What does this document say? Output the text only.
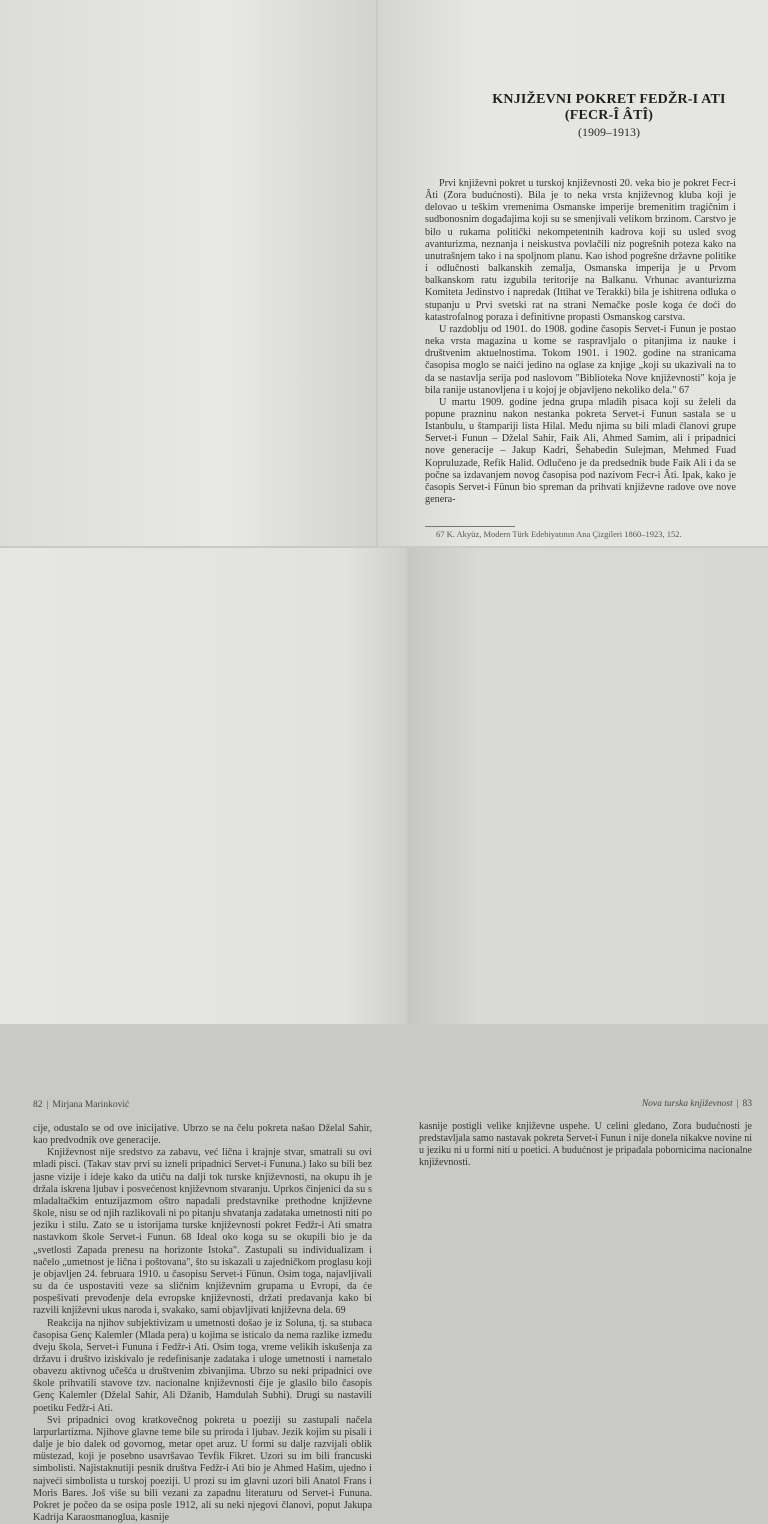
KNJIŽEVNI POKRET FEDŽR-I ATI
(FECR-Î ÂTÎ)
(1909–1913)

Prvi književni pokret u turskoj književnosti 20. veka bio je pokret Fecr-i Âti (Zora budućnosti). Bila je to neka vrsta književnog kluba koji je delovao u teškim vremenima Osmanske imperije bremenitim tragičnim i sudbonosnim događajima koji su se smenjivali velikom brzinom. Carstvo je bilo u rukama politički nekompetentnih kadrova koji su usled svog avanturizma, neznanja i neiskustva povlačili niz pogrešnih poteza kako na unutrašnjem tako i na spoljnom planu. Kao ishod pogrešne državne politike i odlučnosti balkanskih zemalja, Osmanska imperija je u Prvom balkanskom ratu izgubila teritorije na Balkanu. Vrhunac avanturizma Komiteta Jedinstvo i napredak (Ittihat ve Terakki) bila je ishitrena odluka o stupanju u Prvi svetski rat na strani Nemačke posle koga će doći do katastrofalnog poraza i definitivne propasti Osmanskog carstva.

U razdoblju od 1901. do 1908. godine časopis Servet-i Funun je postao neka vrsta magazina u kome se raspravljalo o pitanjima iz nauke i društvenim aktuelnostima. Tokom 1901. i 1902. godine na stranicama časopisa moglo se naići jedino na oglase za knjige „koji su ukazivali na to da se nastavlja serija pod naslovom "Biblioteka Nove književnosti" koja je bila ranije ustanovljena i u kojoj je objavljeno nekoliko dela." 67

U martu 1909. godine jedna grupa mladih pisaca koji su želeli da popune prazninu nakon nestanka pokreta Servet-i Funun sastala se u Istanbulu, u štampariji lista Hilal. Među njima su bili mladi članovi grupe Servet-i Funun – Dželal Sahir, Faik Ali, Ahmed Samim, ali i pripadnici nove generacije – Jakup Kadri, Šehabedin Sulejman, Mehmed Fuad Kopruluzade, Refik Halid. Odlučeno je da predsednik bude Faik Ali i da se počne sa izdavanjem novog časopisa pod nazivom Fecr-i Âti. Ipak, kako je časopis Servet-i Fünun bio spreman da prihvati književne radove ove nove genera-

67 K. Akyüz, Modern Türk Edebiyatının Ana Çizgileri 1860–1923, 152.
82 | Mirjana Marinković

cije, odustalo se od ove inicijative. Ubrzo se na čelu pokreta našao Dželal Sahir, kao predvodnik ove generacije.

Književnost nije sredstvo za zabavu, već lična i krajnje stvar, smatrali su ovi mladi pisci. (Takav stav prvi su izneli pripadnici Servet-i Fununa.) Iako su bili bez jasne vizije i ideje kako da utiču na dalji tok turske književnosti, na okupu ih je držala iskrena ljubav i posvećenost književnom stvaranju. Uprkos činjenici da su s mladaltačkim entuzijazmom oštro napadali predstavnike prethodne književne škole, nisu se od njih razlikovali ni po pitanju shvatanja zadataka umetnosti niti po jeziku i stilu. Zato se u istorijama turske književnosti pokret Fedžr-i Ati smatra nastavkom škole Servet-i Funun. 68 Ideal oko koga su se okupili bio je da „svetlosti Zapada prenesu na horizonte Istoka". Zastupali su individualizam i načelo „umetnost je lična i poštovana", što su iskazali u zajedničkom proglasu koji je objavljen 24. februara 1910. u časopisu Servet-i Fünun. Osim toga, najavljivali su da će uspostaviti veze sa sličnim književnim grupama u Evropi, da će pospešivati prevođenje dela evropske književnosti, držati predavanja kako bi razvili književni ukus naroda i, svakako, sami objavljivati književna dela. 69

Reakcija na njihov subjektivizam u umetnosti došao je iz Soluna, tj. sa stubaca časopisa Genç Kalemler (Mlada pera) u kojima se isticalo da nema razlike između dveju škola, Servet-i Fununa i Fedžr-i Ati. Osim toga, vreme velikih iskušenja za državu i društvo iziskivalo je redefinisanje zadataka i uloge umetnosti i nametalo obavezu aktivnog učešća u društvenim zbivanjima. Ubrzo su neki pripadnici ove škole prihvatili stavove tzv. nacionalne književnosti čije je glasilo bilo časopis Genç Kalemler (Dželal Sahir, Ali Džanib, Hamdulah Subhi). Drugi su nastavili poetiku Fedžr-i Ati.

Svi pripadnici ovog kratkovečnog pokreta u poeziji su zastupali načela larpurlartizma. Njihove glavne teme bile su priroda i ljubav. Jezik kojim su pisali i dalje je bio dalek od govornog, metar opet aruz. U formi su dalje razvijali oblik müstezad, koji je posebno usavršavao Tevfik Fikret. Uzori su im bili francuski simbolisti. Najistaknutiji pesnik društva Fedžr-i Ati bio je Ahmed Hašim, ujedno i najveći simbolista u turskoj poeziji. U prozi su im glavni uzori bili Anatol Frans i Moris Bares. Još više su bili vezani za zapadnu literaturu od Servet-i Fununa. Pokret je počeo da se osipa posle 1912, ali su neki njegovi članovi, poput Jakupa Kadrija Karaosmanoglua, kasnije

Nova turska književnost | 83

kasnije postigli velike književne uspehe. U celini gledano, Zora budućnosti je predstavljala samo nastavak pokreta Servet-i Funun i nije donela nikakve novine ni u jeziku ni u formi niti u poetici. A budućnost je pripadala pobornicima nacionalne književnosti.
